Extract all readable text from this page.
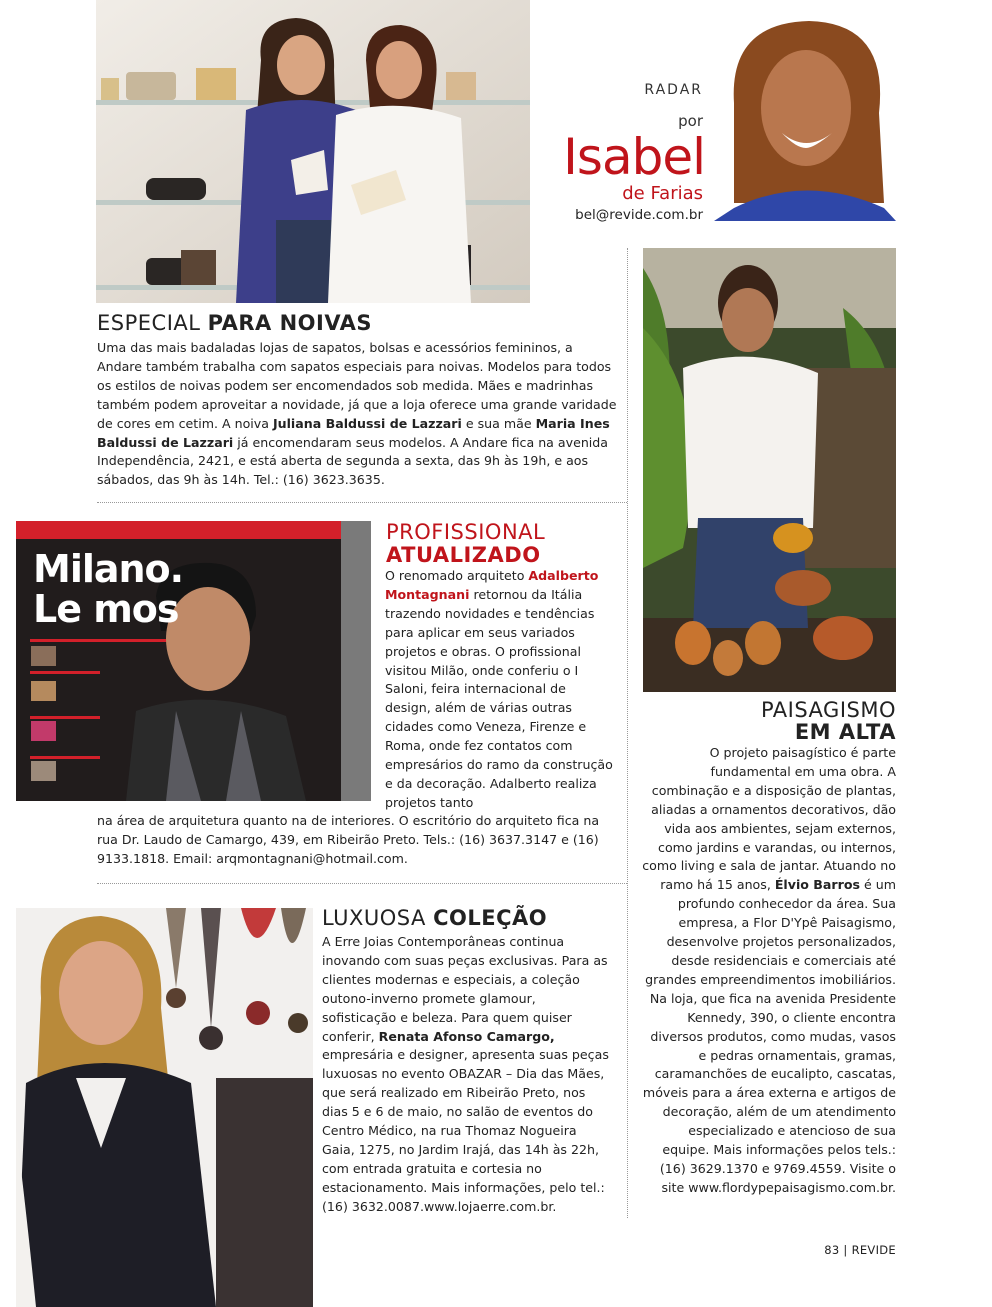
RADAR
por
Isabel
de Farias
bel@revide.com.br
ESPECIAL PARA NOIVAS
Uma das mais badaladas lojas de sapatos, bolsas e acessórios femininos, a Andare também trabalha com sapatos especiais para noivas. Modelos para todos os estilos de noivas podem ser encomendados sob medida. Mães e madrinhas também podem aproveitar a novidade, já que a loja oferece uma grande varidade de cores em cetim. A noiva Juliana Baldussi de Lazzari e sua mãe Maria Ines Baldussi de Lazzari já encomendaram seus modelos. A Andare fica na avenida Independência, 2421, e está aberta de segunda a sexta, das 9h às 19h, e aos sábados, das 9h às 14h. Tel.: (16) 3623.3635.
Milano.
Le mos
PROFISSIONAL
ATUALIZADO
O renomado arquiteto Adalberto Montagnani retornou da Itália trazendo novidades e tendências para aplicar em seus variados projetos e obras. O profissional visitou Milão, onde conferiu o I Saloni, feira internacional de design, além de várias outras cidades como Veneza, Firenze e Roma, onde fez contatos com empresários do ramo da construção e da decoração. Adalberto realiza projetos tanto
na área de arquitetura quanto na de interiores. O escritório do arquiteto fica na rua Dr. Laudo de Camargo, 439, em Ribeirão Preto. Tels.: (16) 3637.3147 e (16) 9133.1818. Email: arqmontagnani@hotmail.com.
PAISAGISMO
EM ALTA
O projeto paisagístico é parte fundamental em uma obra. A combinação e a disposição de plantas, aliadas a ornamentos decorativos, dão vida aos ambientes, sejam externos, como jardins e varandas, ou internos, como living e sala de jantar. Atuando no ramo há 15 anos, Élvio Barros é um profundo conhecedor da área. Sua empresa, a Flor D'Ypê Paisagismo, desenvolve projetos personalizados, desde residenciais e comerciais até grandes empreendimentos imobiliários. Na loja, que fica na avenida Presidente Kennedy, 390, o cliente encontra diversos produtos, como mudas, vasos e pedras ornamentais, gramas, caramanchões de eucalipto, cascatas, móveis para a área externa e artigos de decoração, além de um atendimento especializado e atencioso de sua equipe. Mais informações pelos tels.: (16) 3629.1370 e 9769.4559. Visite o site www.flordypepaisagismo.com.br.
LUXUOSA COLEÇÃO
A Erre Joias Contemporâneas continua inovando com suas peças exclusivas. Para as clientes modernas e especiais, a coleção outono-inverno promete glamour, sofisticação e beleza. Para quem quiser conferir, Renata Afonso Camargo, empresária e designer, apresenta suas peças luxuosas no evento OBAZAR – Dia das Mães, que será realizado em Ribeirão Preto, nos dias 5 e 6 de maio, no salão de eventos do Centro Médico, na rua Thomaz Nogueira Gaia, 1275, no Jardim Irajá, das 14h às 22h, com entrada gratuita e cortesia no estacionamento. Mais informações, pelo tel.: (16) 3632.0087.www.lojaerre.com.br.
83 | REVIDE
